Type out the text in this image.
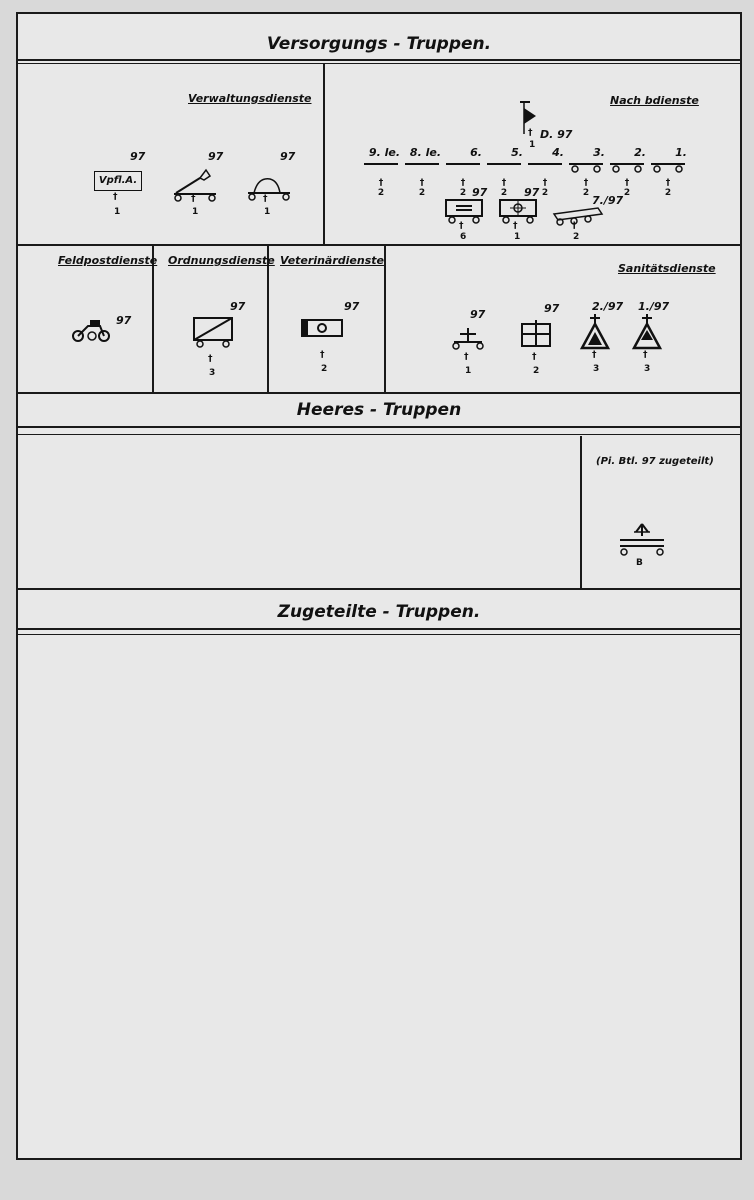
Versorgungs - Truppen.
Verwaltungsdienste
97
Vpfl.A.
†
1
97
†
1
97
†
1
Nach bdienste
D. 97
†
1
9. le.
†
2
8. le.
†
2
6.
†
2
5.
†
2
4.
†
2
3.
†
2
2.
†
2
1.
†
2
97
†
6
97
†
1
7./97
†
2
Feldpostdienste
97
Ordnungsdienste
97
†
3
Veterinärdienste
97
†
2
Sanitätsdienste
97
†
1
97
†
2
2./97
†
3
1./97
†
3
Heeres - Truppen
(Pi. Btl. 97 zugeteilt)
B
Zugeteilte - Truppen.
